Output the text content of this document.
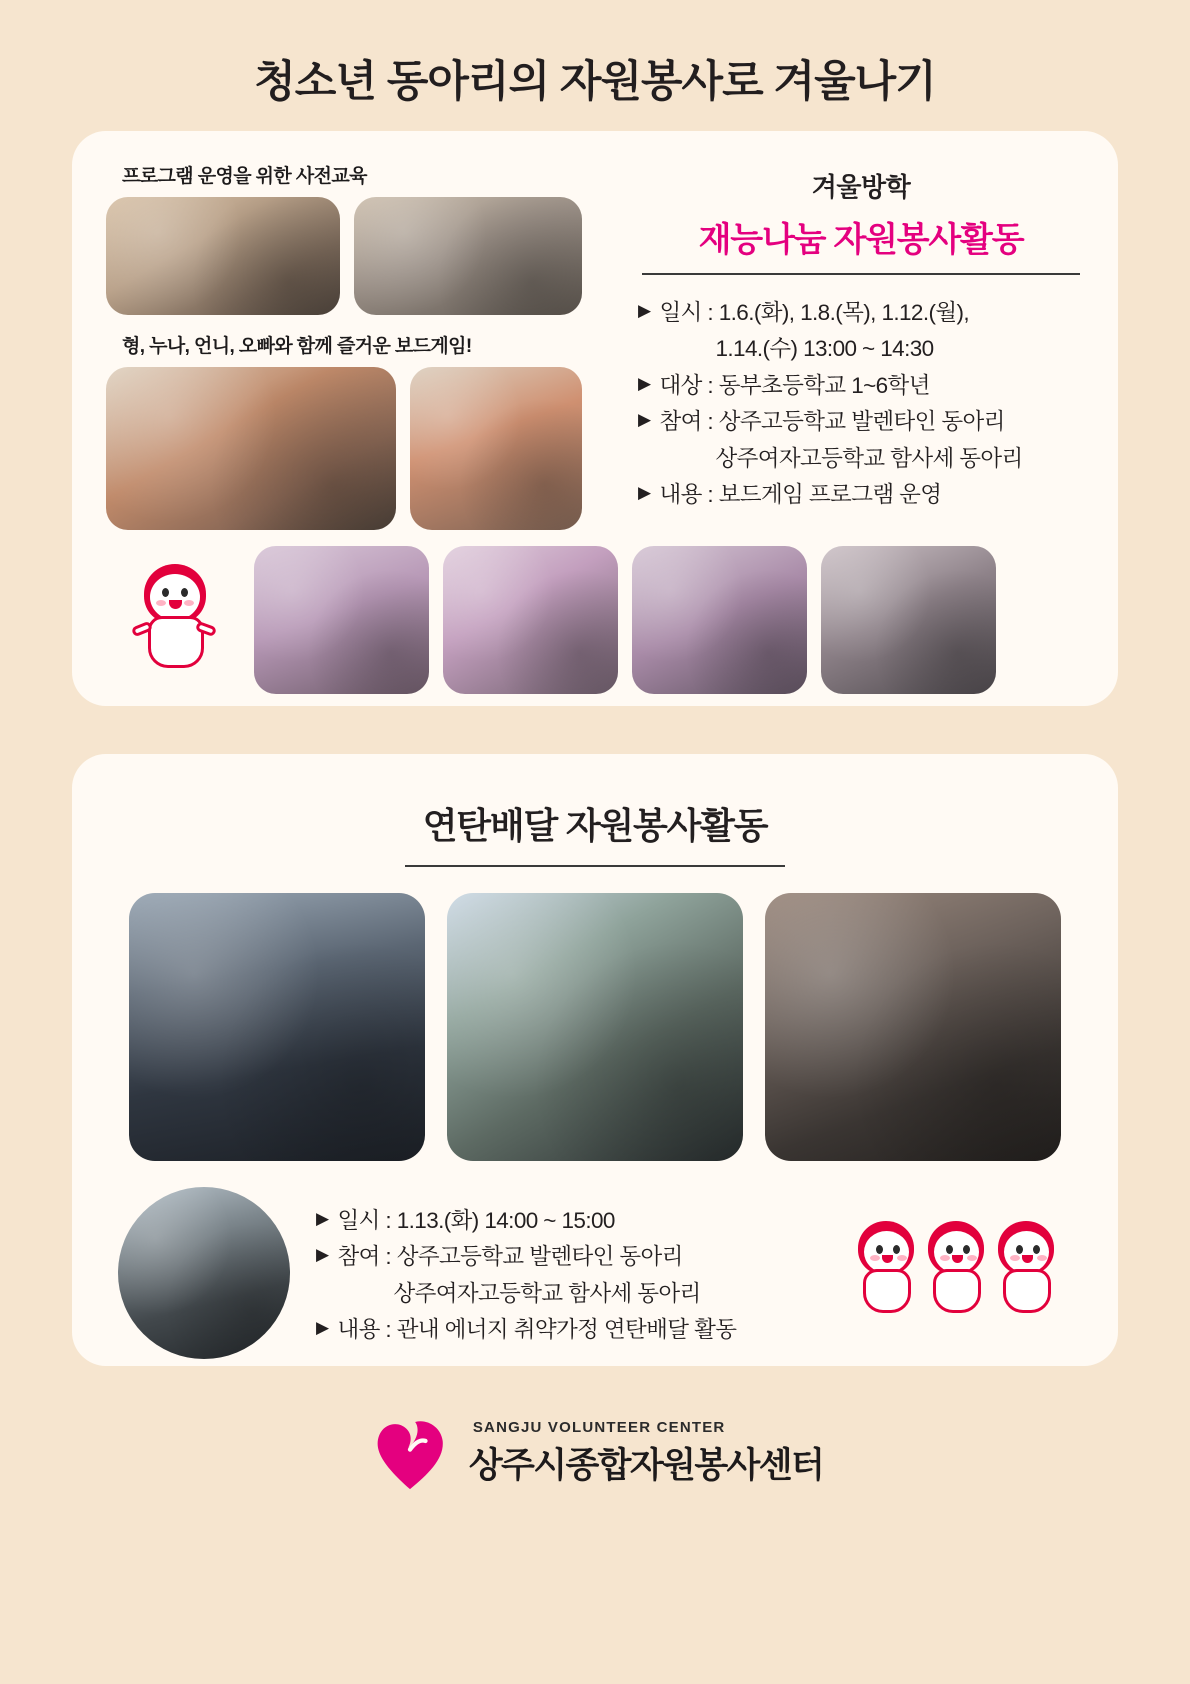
청소년 동아리의 자원봉사로 겨울나기
프로그램 운영을 위한 사전교육
형, 누나, 언니, 오빠와 함께 즐거운 보드게임!
겨울방학
재능나눔 자원봉사활동
▶ 일시 : 1.6.(화), 1.8.(목), 1.12.(월),
1.14.(수) 13:00 ~ 14:30
▶ 대상 : 동부초등학교 1~6학년
▶ 참여 : 상주고등학교 발렌타인 동아리
상주여자고등학교 함사세 동아리
▶ 내용 : 보드게임 프로그램 운영
연탄배달 자원봉사활동
▶ 일시 : 1.13.(화) 14:00 ~ 15:00
▶ 참여 : 상주고등학교 발렌타인 동아리
상주여자고등학교 함사세 동아리
▶ 내용 : 관내 에너지 취약가정 연탄배달 활동
SANGJU VOLUNTEER CENTER
상주시종합자원봉사센터
